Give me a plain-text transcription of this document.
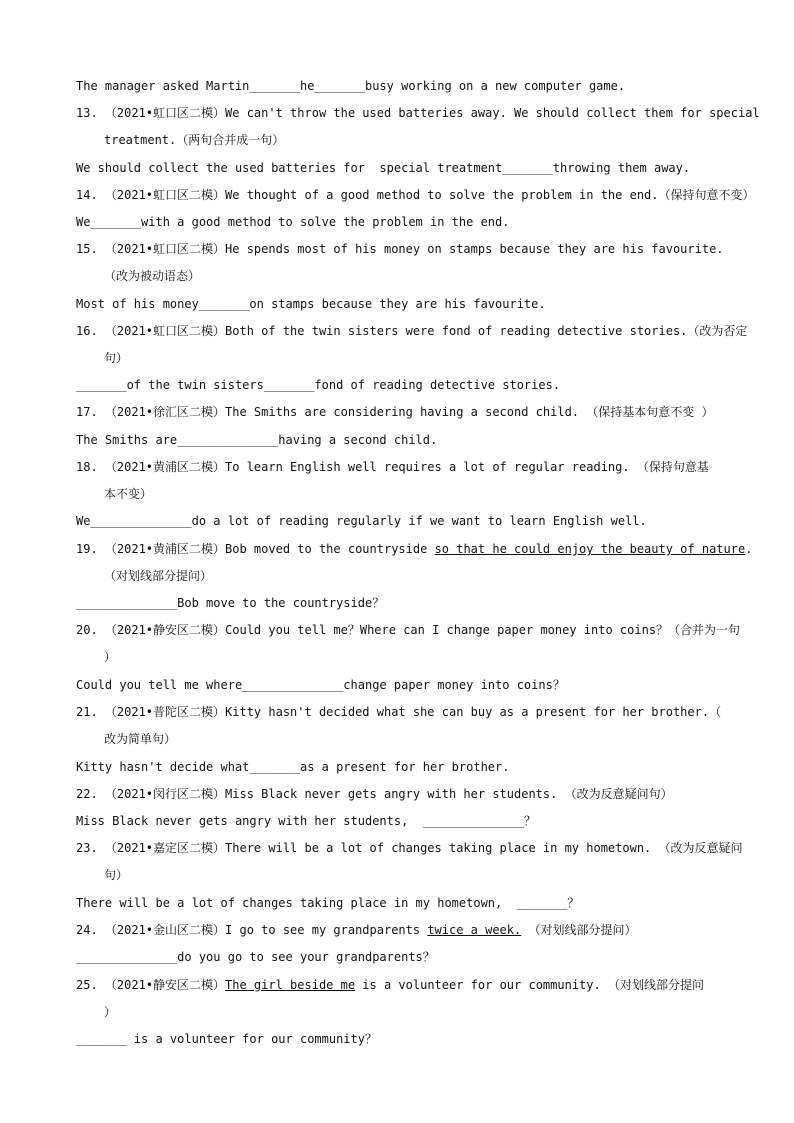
The manager asked Martin_______he_______busy working on a new computer game.
13. （2021•虹口区二模）We can't throw the used batteries away. We should collect them for special
treatment.（两句合并成一句）
We should collect the used batteries for  special treatment_______throwing them away.
14. （2021•虹口区二模）We thought of a good method to solve the problem in the end.（保持句意不变）
We_______with a good method to solve the problem in the end.
15. （2021•虹口区二模）He spends most of his money on stamps because they are his favourite.
（改为被动语态）
Most of his money_______on stamps because they are his favourite.
16. （2021•虹口区二模）Both of the twin sisters were fond of reading detective stories.（改为否定
句）
_______of the twin sisters_______fond of reading detective stories.
17. （2021•徐汇区二模）The Smiths are considering having a second child. （保持基本句意不变 ）
The Smiths are______________having a second child.
18. （2021•黄浦区二模）To learn English well requires a lot of regular reading. （保持句意基
本不变）
We______________do a lot of reading regularly if we want to learn English well.
19. （2021•黄浦区二模）Bob moved to the countryside so that he could enjoy the beauty of nature.
（对划线部分提问）
______________Bob move to the countryside？
20. （2021•静安区二模）Could you tell me？Where can I change paper money into coins？（合并为一句
）
Could you tell me where______________change paper money into coins？
21. （2021•普陀区二模）Kitty hasn't decided what she can buy as a present for her brother.（
改为简单句）
Kitty hasn't decide what_______as a present for her brother.
22. （2021•闵行区二模）Miss Black never gets angry with her students. （改为反意疑问句）
Miss Black never gets angry with her students,  ______________？
23. （2021•嘉定区二模）There will be a lot of changes taking place in my hometown. （改为反意疑问
句）
There will be a lot of changes taking place in my hometown,  _______？
24. （2021•金山区二模）I go to see my grandparents twice a week. （对划线部分提问）
______________do you go to see your grandparents？
25. （2021•静安区二模）The girl beside me is a volunteer for our community. （对划线部分提问
）
_______ is a volunteer for our community？
